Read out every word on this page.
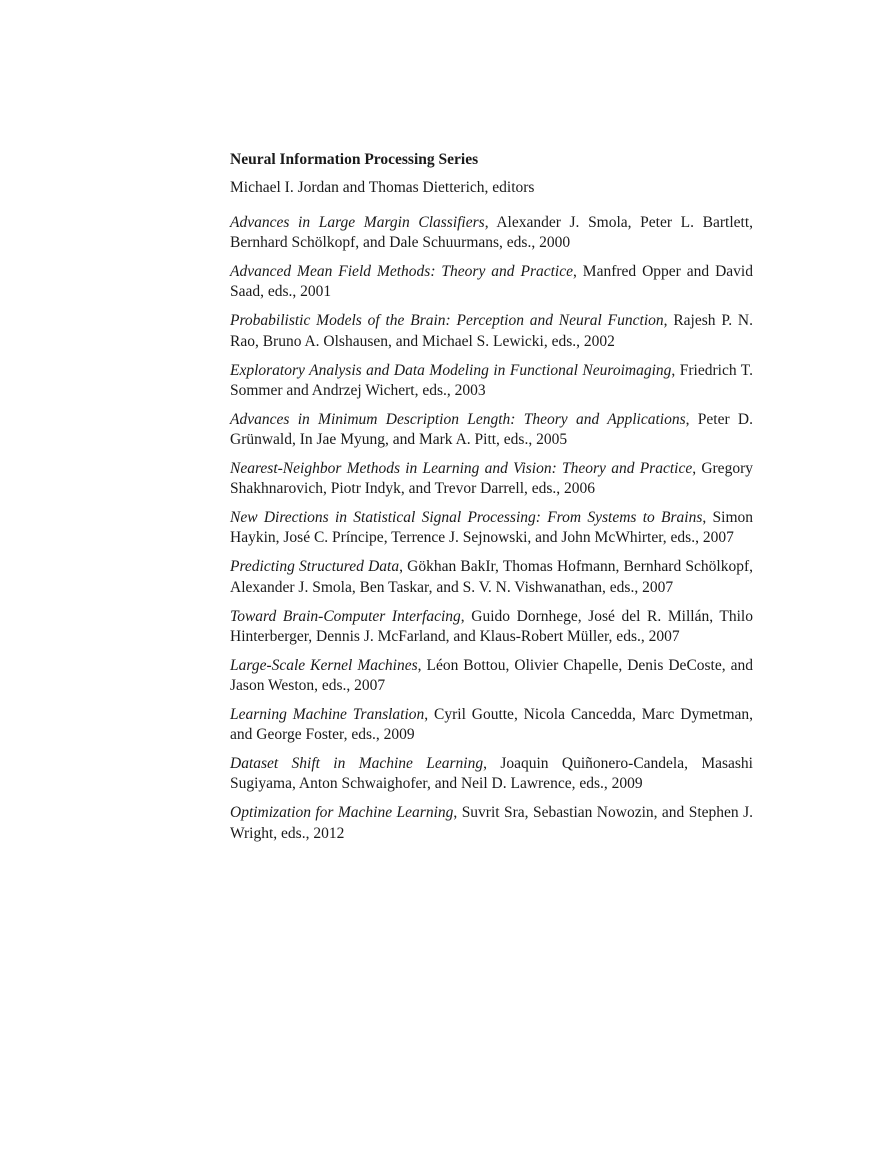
Neural Information Processing Series
Michael I. Jordan and Thomas Dietterich, editors
Advances in Large Margin Classifiers, Alexander J. Smola, Peter L. Bartlett, Bernhard Schölkopf, and Dale Schuurmans, eds., 2000
Advanced Mean Field Methods: Theory and Practice, Manfred Opper and David Saad, eds., 2001
Probabilistic Models of the Brain: Perception and Neural Function, Rajesh P. N. Rao, Bruno A. Olshausen, and Michael S. Lewicki, eds., 2002
Exploratory Analysis and Data Modeling in Functional Neuroimaging, Friedrich T. Sommer and Andrzej Wichert, eds., 2003
Advances in Minimum Description Length: Theory and Applications, Peter D. Grünwald, In Jae Myung, and Mark A. Pitt, eds., 2005
Nearest-Neighbor Methods in Learning and Vision: Theory and Practice, Gregory Shakhnarovich, Piotr Indyk, and Trevor Darrell, eds., 2006
New Directions in Statistical Signal Processing: From Systems to Brains, Simon Haykin, José C. Príncipe, Terrence J. Sejnowski, and John McWhirter, eds., 2007
Predicting Structured Data, Gökhan BakIr, Thomas Hofmann, Bernhard Schölkopf, Alexander J. Smola, Ben Taskar, and S. V. N. Vishwanathan, eds., 2007
Toward Brain-Computer Interfacing, Guido Dornhege, José del R. Millán, Thilo Hinterberger, Dennis J. McFarland, and Klaus-Robert Müller, eds., 2007
Large-Scale Kernel Machines, Léon Bottou, Olivier Chapelle, Denis DeCoste, and Jason Weston, eds., 2007
Learning Machine Translation, Cyril Goutte, Nicola Cancedda, Marc Dymetman, and George Foster, eds., 2009
Dataset Shift in Machine Learning, Joaquin Quiñonero-Candela, Masashi Sugiyama, Anton Schwaighofer, and Neil D. Lawrence, eds., 2009
Optimization for Machine Learning, Suvrit Sra, Sebastian Nowozin, and Stephen J. Wright, eds., 2012
